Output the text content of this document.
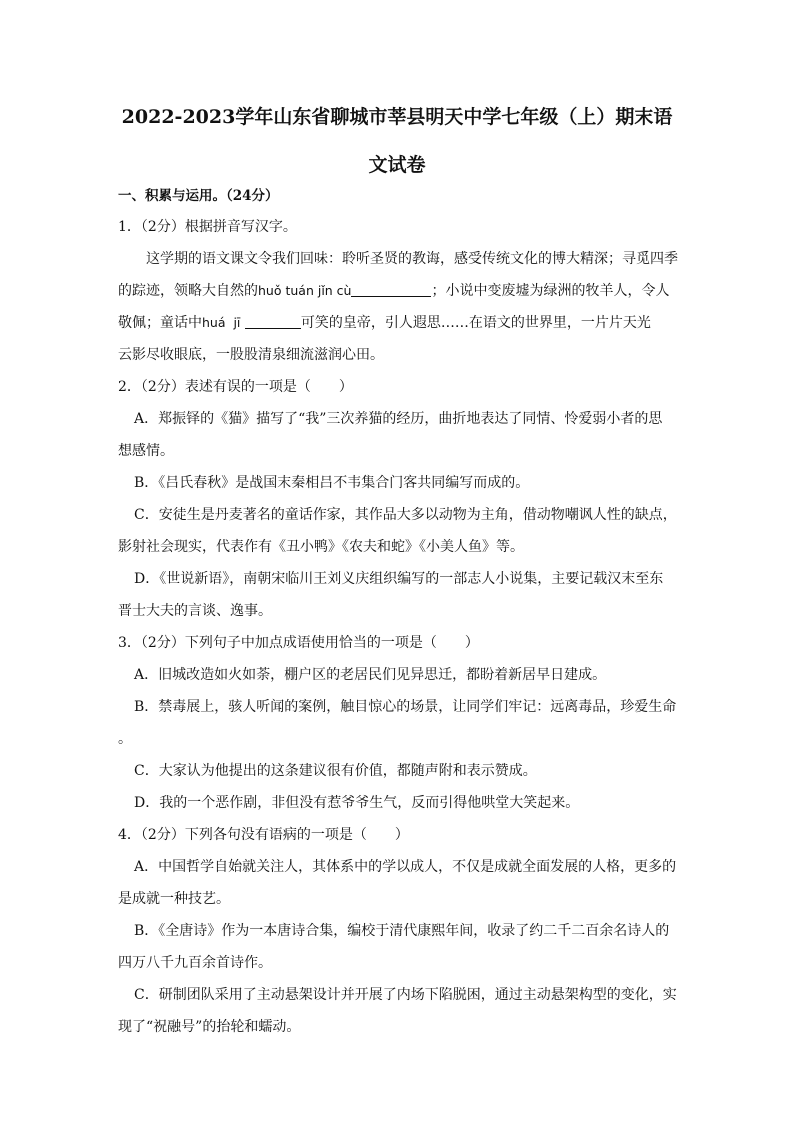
2022-2023学年山东省聊城市莘县明天中学七年级（上）期末语
文试卷
一、积累与运用。（24分）
1．（2分）根据拼音写汉字。
这学期的语文课文令我们回味：聆听圣贤的教诲，感受传统文化的博大精深；寻觅四季
的踪迹，领略大自然的huǒ tuán jǐn cù	；小说中变废墟为绿洲的牧羊人，令人
敬佩；童话中huá  jī	可笑的皇帝，引人遐思……在语文的世界里，一片片天光
云影尽收眼底，一股股清泉细流滋润心田。
2．（2分）表述有误的一项是（　　）
A．郑振铎的《猫》描写了“我”三次养猫的经历，曲折地表达了同情、怜爱弱小者的思
想感情。
B．《吕氏春秋》是战国末秦相吕不韦集合门客共同编写而成的。
C．安徒生是丹麦著名的童话作家，其作品大多以动物为主角，借动物嘲讽人性的缺点，
影射社会现实，代表作有《丑小鸭》《农夫和蛇》《小美人鱼》等。
D．《世说新语》，南朝宋临川王刘义庆组织编写的一部志人小说集，主要记载汉末至东
晋士大夫的言谈、逸事。
3．（2分）下列句子中加点成语使用恰当的一项是（　　）
A．旧城改造如火如荼，棚户区的老居民们见异思迁，都盼着新居早日建成。
B．禁毒展上，骇人听闻的案例，触目惊心的场景，让同学们牢记：远离毒品，珍爱生命
。
C．大家认为他提出的这条建议很有价值，都随声附和表示赞成。
D．我的一个恶作剧，非但没有惹爷爷生气，反而引得他哄堂大笑起来。
4．（2分）下列各句没有语病的一项是（　　）
A．中国哲学自始就关注人，其体系中的学以成人，不仅是成就全面发展的人格，更多的
是成就一种技艺。
B．《全唐诗》作为一本唐诗合集，编校于清代康熙年间，收录了约二千二百余名诗人的
四万八千九百余首诗作。
C．研制团队采用了主动悬架设计并开展了内场下陷脱困，通过主动悬架构型的变化，实
现了“祝融号”的抬轮和蠕动。
